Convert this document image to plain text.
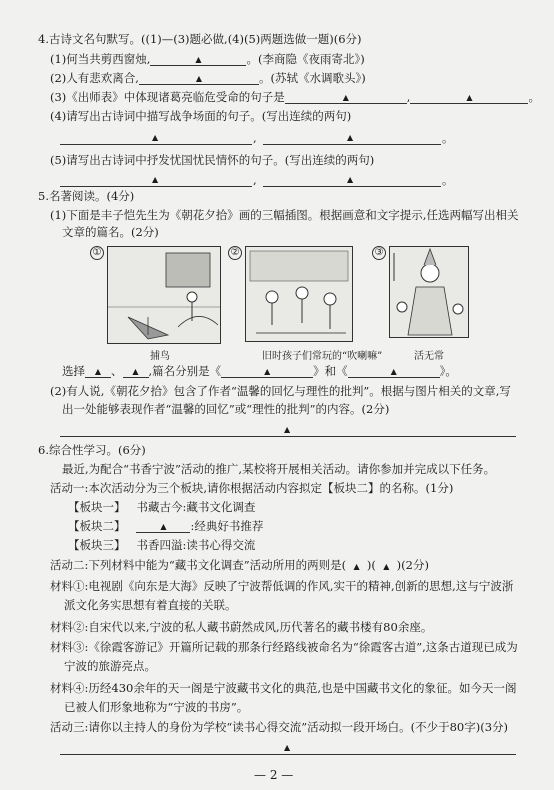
4.古诗文名句默写。((1)—(3)题必做,(4)(5)两题选做一题)(6分)
(1)何当共剪西窗烛,	▲	。(李商隐《夜雨寄北》)
(2)人有悲欢离合,	▲	。(苏轼《水调歌头》)
(3)《出师表》中体现诸葛亮临危受命的句子是	▲	,	▲	。
(4)请写出古诗词中描写战争场面的句子。(写出连续的两句)
▲	,	▲	。
(5)请写出古诗词中抒发忧国忧民情怀的句子。(写出连续的两句)
▲	,	▲	。
5.名著阅读。(4分)
(1)下面是丰子恺先生为《朝花夕拾》画的三幅插图。根据画意和文字提示,任选两幅写出相关
文章的篇名。(2分)
①
捕鸟
②
旧时孩子们常玩的“吹喇嘛”
③
活无常
选择 ▲ 、 ▲ ,篇名分别是《	▲	》和《	▲	》。
(2)有人说,《朝花夕拾》包含了作者“温馨的回忆与理性的批判”。根据与图片相关的文章,写
出一处能够表现作者“温馨的回忆”或“理性的批判”的内容。(2分)
▲
6.综合性学习。(6分)
最近,为配合“书香宁波”活动的推广,某校将开展相关活动。请你参加并完成以下任务。
活动一:本次活动分为三个板块,请你根据活动内容拟定【板块二】的名称。(1分)
【板块一】 书藏古今:藏书文化调查
【板块二】	▲ :经典好书推荐
【板块三】 书香四溢:读书心得交流
活动二:下列材料中能为“藏书文化调查”活动所用的两则是( ▲ )( ▲ )(2分)
材料①:电视剧《向东是大海》反映了宁波帮低调的作风,实干的精神,创新的思想,这与宁波浙
派文化务实思想有着直接的关联。
材料②:自宋代以来,宁波的私人藏书蔚然成风,历代著名的藏书楼有80余座。
材料③:《徐霞客游记》开篇所记载的那条行经路线被命名为“徐霞客古道”,这条古道现已成为
宁波的旅游亮点。
材料④:历经430余年的天一阁是宁波藏书文化的典范,也是中国藏书文化的象征。如今天一阁
已被人们形象地称为“宁波的书房”。
活动三:请你以主持人的身份为学校“读书心得交流”活动拟一段开场白。(不少于80字)(3分)
▲
— 2 —
